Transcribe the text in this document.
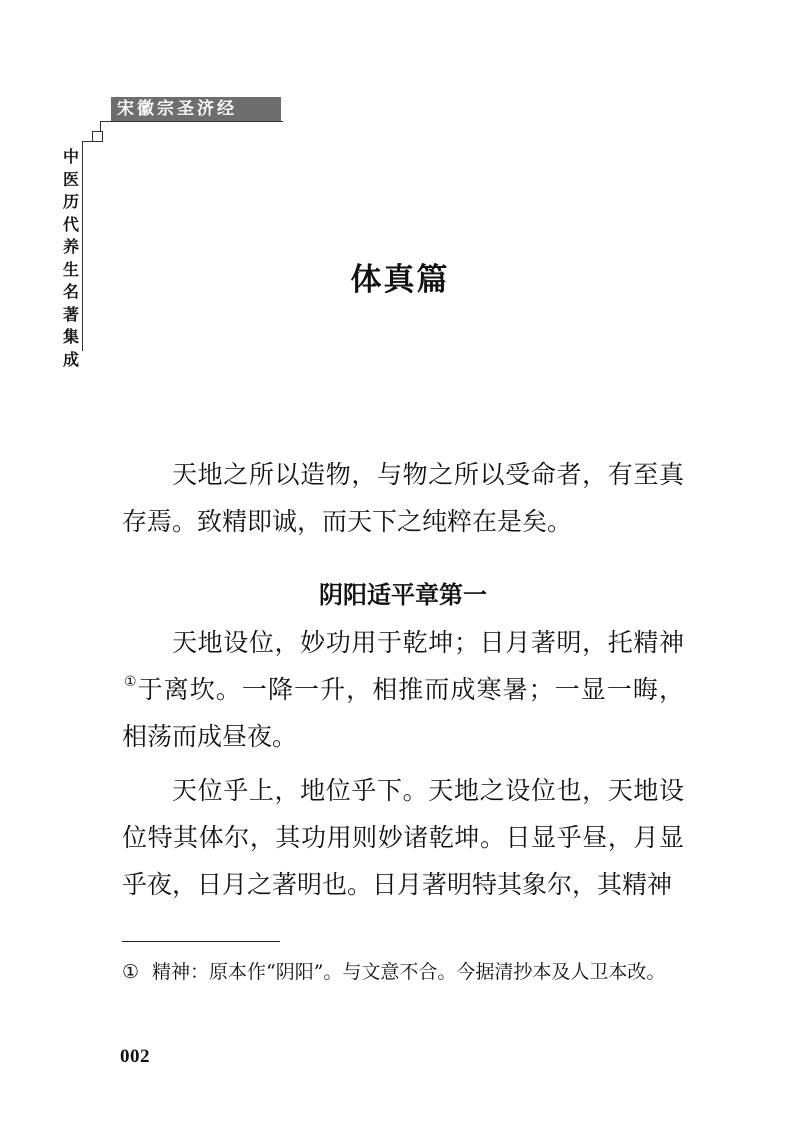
宋徽宗圣济经
中医历代养生名著集成
体真篇

天地之所以造物，与物之所以受命者，有至真存焉。致精即诚，而天下之纯粹在是矣。

阴阳适平章第一

天地设位，妙功用于乾坤；日月著明，托精神①于离坎。一降一升，相推而成寒暑；一显一晦，相荡而成昼夜。

天位乎上，地位乎下。天地之设位也，天地设位特其体尔，其功用则妙诸乾坤。日显乎昼，月显乎夜，日月之著明也。日月著明特其象尔，其精神

① 精神：原本作“阴阳”。与文意不合。今据清抄本及人卫本改。

002
